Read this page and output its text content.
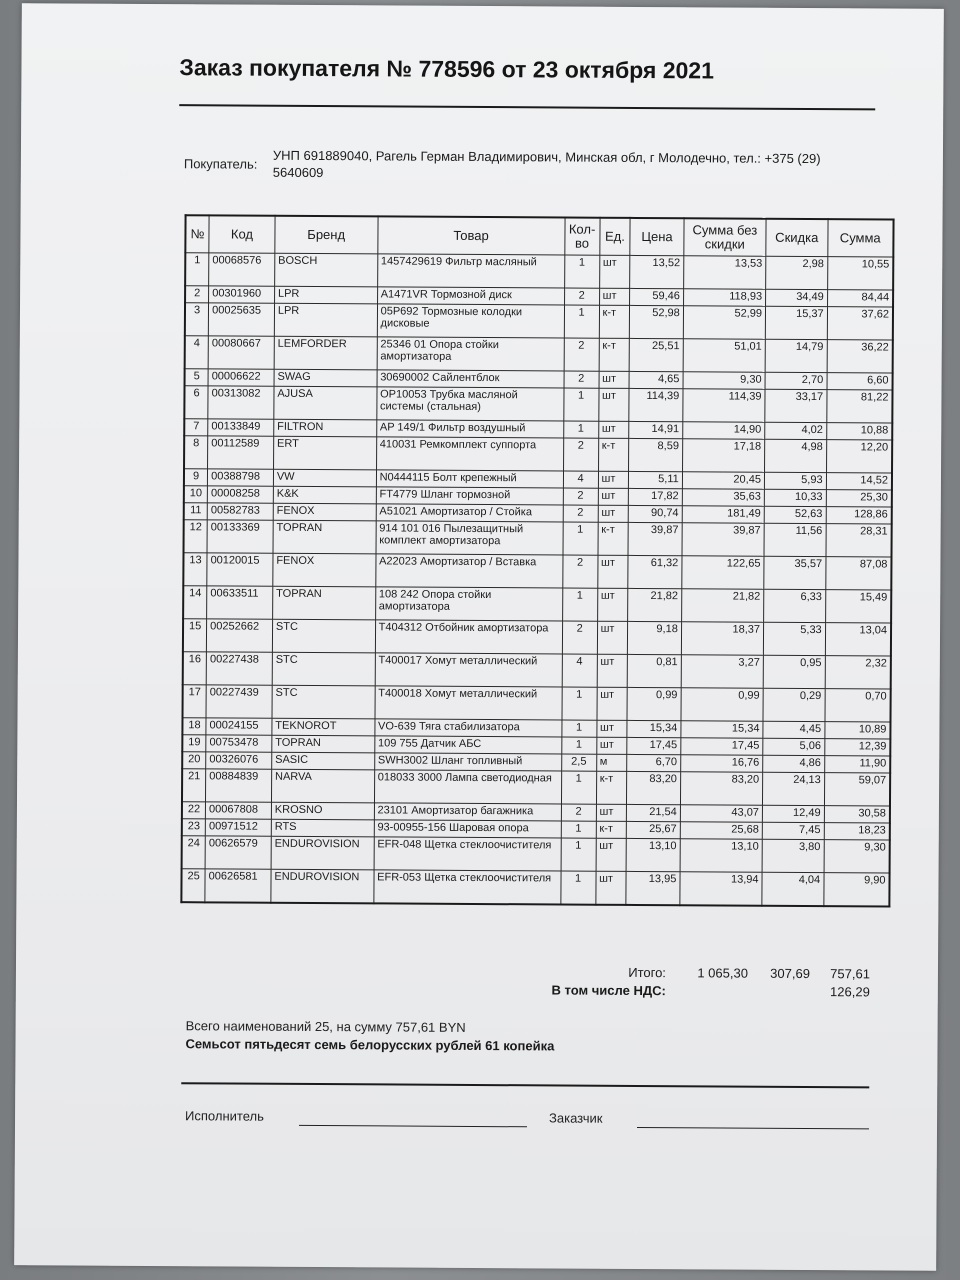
Заказ покупателя № 778596 от 23 октября 2021
Покупатель: УНП 691889040, Рагель Герман Владимирович, Минская обл, г Молодечно, тел.: +375 (29) 5640609
№	Код	Бренд	Товар	Кол-во	Ед.	Цена	Сумма без скидки	Скидка	Сумма
1	00068576	BOSCH	1457429619 Фильтр масляный	1	шт	13,52	13,53	2,98	10,55
2	00301960	LPR	A1471VR Тормозной диск	2	шт	59,46	118,93	34,49	84,44
3	00025635	LPR	05P692 Тормозные колодки дисковые	1	к-т	52,98	52,99	15,37	37,62
4	00080667	LEMFORDER	25346 01 Опора стойки амортизатора	2	к-т	25,51	51,01	14,79	36,22
5	00006622	SWAG	30690002 Сайлентблок	2	шт	4,65	9,30	2,70	6,60
6	00313082	AJUSA	OP10053 Трубка масляной системы (стальная)	1	шт	114,39	114,39	33,17	81,22
7	00133849	FILTRON	AP 149/1 Фильтр воздушный	1	шт	14,91	14,90	4,02	10,88
8	00112589	ERT	410031 Ремкомплект суппорта	2	к-т	8,59	17,18	4,98	12,20
9	00388798	VW	N0444115 Болт крепежный	4	шт	5,11	20,45	5,93	14,52
10	00008258	K&K	FT4779 Шланг тормозной	2	шт	17,82	35,63	10,33	25,30
11	00582783	FENOX	A51021 Амортизатор / Стойка	2	шт	90,74	181,49	52,63	128,86
12	00133369	TOPRAN	914 101 016 Пылезащитный комплект амортизатора	1	к-т	39,87	39,87	11,56	28,31
13	00120015	FENOX	A22023 Амортизатор / Вставка	2	шт	61,32	122,65	35,57	87,08
14	00633511	TOPRAN	108 242 Опора стойки амортизатора	1	шт	21,82	21,82	6,33	15,49
15	00252662	STC	T404312 Отбойник амортизатора	2	шт	9,18	18,37	5,33	13,04
16	00227438	STC	T400017 Хомут металлический	4	шт	0,81	3,27	0,95	2,32
17	00227439	STC	T400018 Хомут металлический	1	шт	0,99	0,99	0,29	0,70
18	00024155	TEKNOROT	VO-639 Тяга стабилизатора	1	шт	15,34	15,34	4,45	10,89
19	00753478	TOPRAN	109 755 Датчик АБС	1	шт	17,45	17,45	5,06	12,39
20	00326076	SASIC	SWH3002 Шланг топливный	2,5	м	6,70	16,76	4,86	11,90
21	00884839	NARVA	018033 3000 Лампа светодиодная	1	к-т	83,20	83,20	24,13	59,07
22	00067808	KROSNO	23101 Амортизатор багажника	2	шт	21,54	43,07	12,49	30,58
23	00971512	RTS	93-00955-156 Шаровая опора	1	к-т	25,67	25,68	7,45	18,23
24	00626579	ENDUROVISION	EFR-048 Щетка стеклоочистителя	1	шт	13,10	13,10	3,80	9,30
25	00626581	ENDUROVISION	EFR-053 Щетка стеклоочистителя	1	шт	13,95	13,94	4,04	9,90
Итого:	1 065,30	307,69	757,61
В том числе НДС:	126,29
Всего наименований 25, на сумму 757,61 BYN
Семьсот пятьдесят семь белорусских рублей 61 копейка
Исполнитель	Заказчик
